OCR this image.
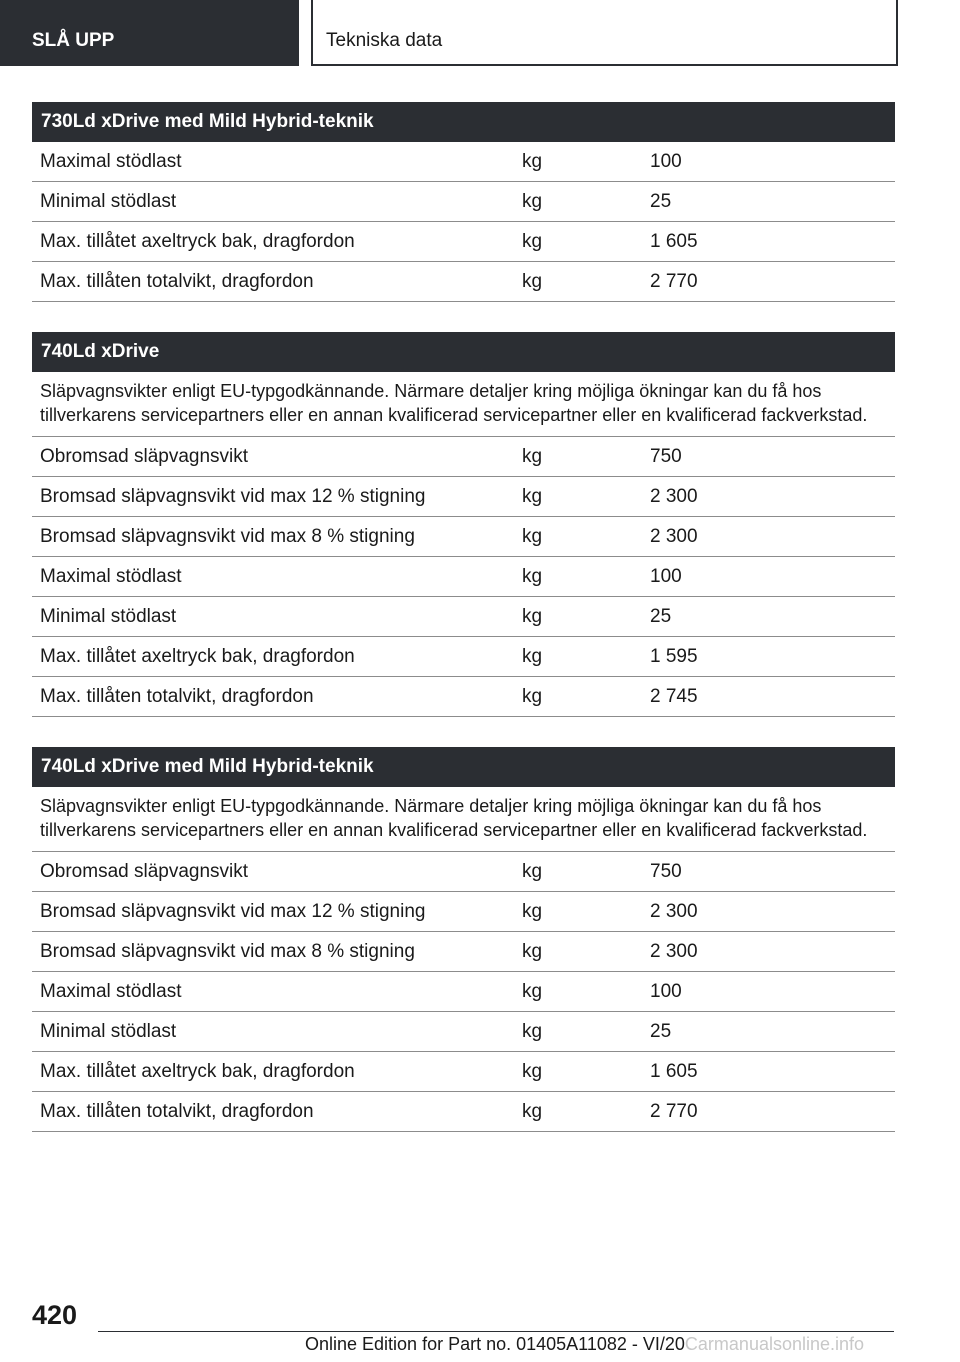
SLÅ UPP	Tekniska data
730Ld xDrive med Mild Hybrid-teknik
Maximal stödlast	kg	100
Minimal stödlast	kg	25
Max. tillåtet axeltryck bak, dragfordon	kg	1 605
Max. tillåten totalvikt, dragfordon	kg	2 770
740Ld xDrive
Släpvagnsvikter enligt EU-typgodkännande. Närmare detaljer kring möjliga ökningar kan du få hos tillverkarens servicepartners eller en annan kvalificerad servicepartner eller en kvalificerad fackverkstad.
Obromsad släpvagnsvikt	kg	750
Bromsad släpvagnsvikt vid max 12 % stigning	kg	2 300
Bromsad släpvagnsvikt vid max 8 % stigning	kg	2 300
Maximal stödlast	kg	100
Minimal stödlast	kg	25
Max. tillåtet axeltryck bak, dragfordon	kg	1 595
Max. tillåten totalvikt, dragfordon	kg	2 745
740Ld xDrive med Mild Hybrid-teknik
Släpvagnsvikter enligt EU-typgodkännande. Närmare detaljer kring möjliga ökningar kan du få hos tillverkarens servicepartners eller en annan kvalificerad servicepartner eller en kvalificerad fackverkstad.
Obromsad släpvagnsvikt	kg	750
Bromsad släpvagnsvikt vid max 12 % stigning	kg	2 300
Bromsad släpvagnsvikt vid max 8 % stigning	kg	2 300
Maximal stödlast	kg	100
Minimal stödlast	kg	25
Max. tillåtet axeltryck bak, dragfordon	kg	1 605
Max. tillåten totalvikt, dragfordon	kg	2 770
420
Online Edition for Part no. 01405A11082 - VI/20Carmanualsonline.info
